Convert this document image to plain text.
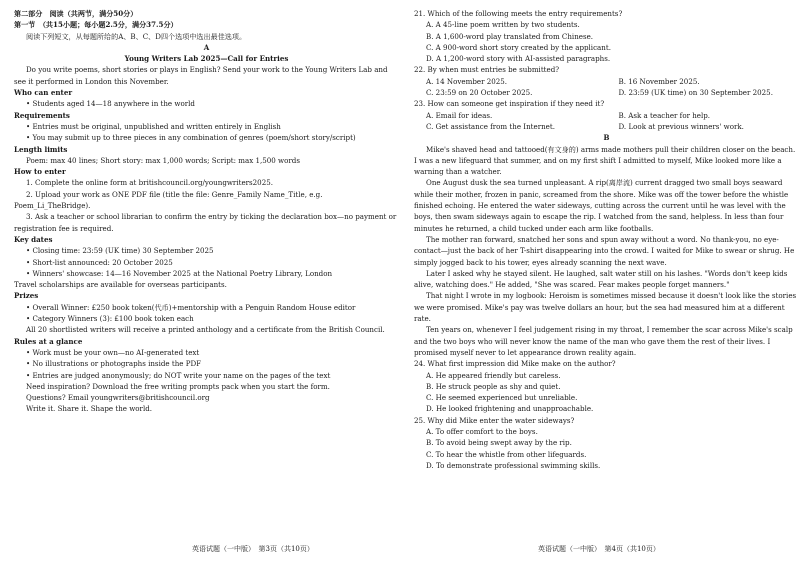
第二部分　阅读（共两节，满分50分）

第一节　（共15小题；每小题2.5分，满分37.5分）

阅读下列短文，从每题所给的A、B、C、D四个选项中选出最佳选项。

A

Young Writers Lab 2025—Call for Entries

Do you write poems, short stories or plays in English? Send your work to the Young Writers Lab and see it performed in London this November.

Who can enter

• Students aged 14—18 anywhere in the world

Requirements

• Entries must be original, unpublished and written entirely in English

• You may submit up to three pieces in any combination of genres (poem/short story/script)

Length limits

Poem: max 40 lines; Short story: max 1,000 words; Script: max 1,500 words

How to enter

1. Complete the online form at britishcouncil.org/youngwriters2025.

2. Upload your work as ONE PDF file (title the file: Genre_Family Name_Title, e.g. Poem_Li_TheBridge).

3. Ask a teacher or school librarian to confirm the entry by ticking the declaration box—no payment or registration fee is required.

Key dates

• Closing time: 23:59 (UK time) 30 September 2025

• Short-list announced: 20 October 2025

• Winners' showcase: 14—16 November 2025 at the National Poetry Library, London

Travel scholarships are available for overseas participants.

Prizes

• Overall Winner: £250 book token(代币)+mentorship with a Penguin Random House editor

• Category Winners (3): £100 book token each

All 20 shortlisted writers will receive a printed anthology and a certificate from the British Council.

Rules at a glance

• Work must be your own—no AI-generated text

• No illustrations or photographs inside the PDF

• Entries are judged anonymously; do NOT write your name on the pages of the text

Need inspiration? Download the free writing prompts pack when you start the form.

Questions? Email youngwriters@britishcouncil.org

Write it. Share it. Shape the world.

英语试题（一中版）　第3页（共10页）

21. Which of the following meets the entry requirements?

A. A 45-line poem written by two students.

B. A 1,600-word play translated from Chinese.

C. A 900-word short story created by the applicant.

D. A 1,200-word story with AI-assisted paragraphs.

22. By when must entries be submitted?

A. 14 November 2025.	B. 16 November 2025.
C. 23:59 on 20 October 2025.	D. 23:59 (UK time) on 30 September 2025.

23. How can someone get inspiration if they need it?

A. Email for ideas.	B. Ask a teacher for help.
C. Get assistance from the Internet.	D. Look at previous winners' work.

B

Mike's shaved head and tattooed(有文身的) arms made mothers pull their children closer on the beach. I was a new lifeguard that summer, and on my first shift I admitted to myself, Mike looked more like a warning than a watcher.

One August dusk the sea turned unpleasant. A rip(离岸流) current dragged two small boys seaward while their mother, frozen in panic, screamed from the shore. Mike was off the tower before the whistle finished echoing. He entered the water sideways, cutting across the current until he was level with the boys, then swam sideways again to escape the rip. I watched from the sand, helpless. In less than four minutes he returned, a child tucked under each arm like footballs.

The mother ran forward, snatched her sons and spun away without a word. No thank-you, no eye-contact—just the back of her T-shirt disappearing into the crowd. I waited for Mike to swear or shrug. He simply jogged back to his tower, eyes already scanning the next wave.

Later I asked why he stayed silent. He laughed, salt water still on his lashes. "Words don't keep kids alive, watching does." He added, "She was scared. Fear makes people forget manners."

That night I wrote in my logbook: Heroism is sometimes missed because it doesn't look like the stories we were promised. Mike's pay was twelve dollars an hour, but the sea had measured him at a different rate.

Ten years on, whenever I feel judgement rising in my throat, I remember the scar across Mike's scalp and the two boys who will never know the name of the man who gave them the rest of their lives. I promised myself never to let appearance drown reality again.

24. What first impression did Mike make on the author?

A. He appeared friendly but careless.

B. He struck people as shy and quiet.

C. He seemed experienced but unreliable.

D. He looked frightening and unapproachable.

25. Why did Mike enter the water sideways?

A. To offer comfort to the boys.

B. To avoid being swept away by the rip.

C. To hear the whistle from other lifeguards.

D. To demonstrate professional swimming skills.

英语试题（一中版）　第4页（共10页）
